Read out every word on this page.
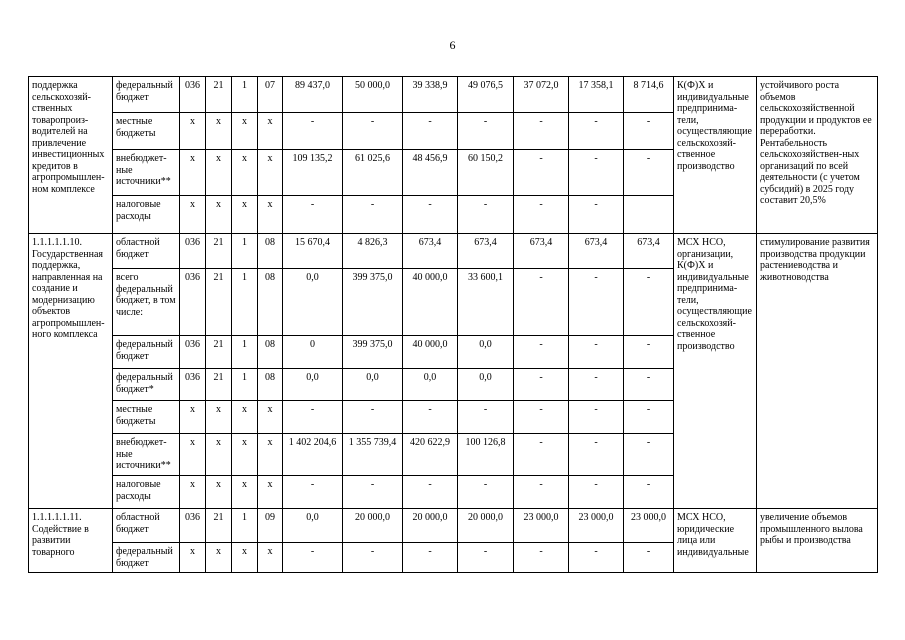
6
поддержка сельскохозяй-ственных товаропроиз-водителей на привлечение инвестиционных кредитов в агропромышлен-ном комплексе	федеральный бюджет	036	21	1	07	89 437,0	50 000,0	39 338,9	49 076,5	37 072,0	17 358,1	8 714,6	К(Ф)Х и индивидуальные предпринима-тели, осуществляющие сельскохозяй-ственное производство	устойчивого роста объемов сельскохозяйственной продукции и продуктов ее переработки. Рентабельность сельскохозяйствен-ных организаций по всей деятельности (с учетом субсидий) в 2025 году составит 20,5%
	местные бюджеты	х	х	х	х	-	-	-	-	-	-	-		
	внебюджет-ные источники**	х	х	х	х	109 135,2	61 025,6	48 456,9	60 150,2	-	-	-		
	налоговые расходы	х	х	х	х	-	-	-	-	-	-			
1.1.1.1.1.10. Государственная поддержка, направленная на создание и модернизацию объектов агропромышлен-ного комплекса	областной бюджет	036	21	1	08	15 670,4	4 826,3	673,4	673,4	673,4	673,4	673,4	МСХ НСО, организации, К(Ф)Х и индивидуальные предпринима-тели, осуществляющие сельскохозяй-ственное производство	стимулирование развития производства продукции растениеводства и животноводства
	всего федеральный бюджет, в том числе:	036	21	1	08	0,0	399 375,0	40 000,0	33 600,1	-	-	-		
	федеральный бюджет	036	21	1	08	0	399 375,0	40 000,0	0,0	-	-	-		
	федеральный бюджет*	036	21	1	08	0,0	0,0	0,0	0,0	-	-	-		
	местные бюджеты	х	х	х	х	-	-	-	-	-	-	-		
	внебюджет-ные источники**	х	х	х	х	1 402 204,6	1 355 739,4	420 622,9	100 126,8	-	-	-		
	налоговые расходы	х	х	х	х	-	-	-	-	-	-	-		
1.1.1.1.1.11. Содействие в развитии товарного	областной бюджет	036	21	1	09	0,0	20 000,0	20 000,0	20 000,0	23 000,0	23 000,0	23 000,0	МСХ НСО, юридические лица или индивидуальные	увеличение объемов промышленного вылова рыбы и производства
	федеральный бюджет	х	х	х	х	-	-	-	-	-	-	-		
